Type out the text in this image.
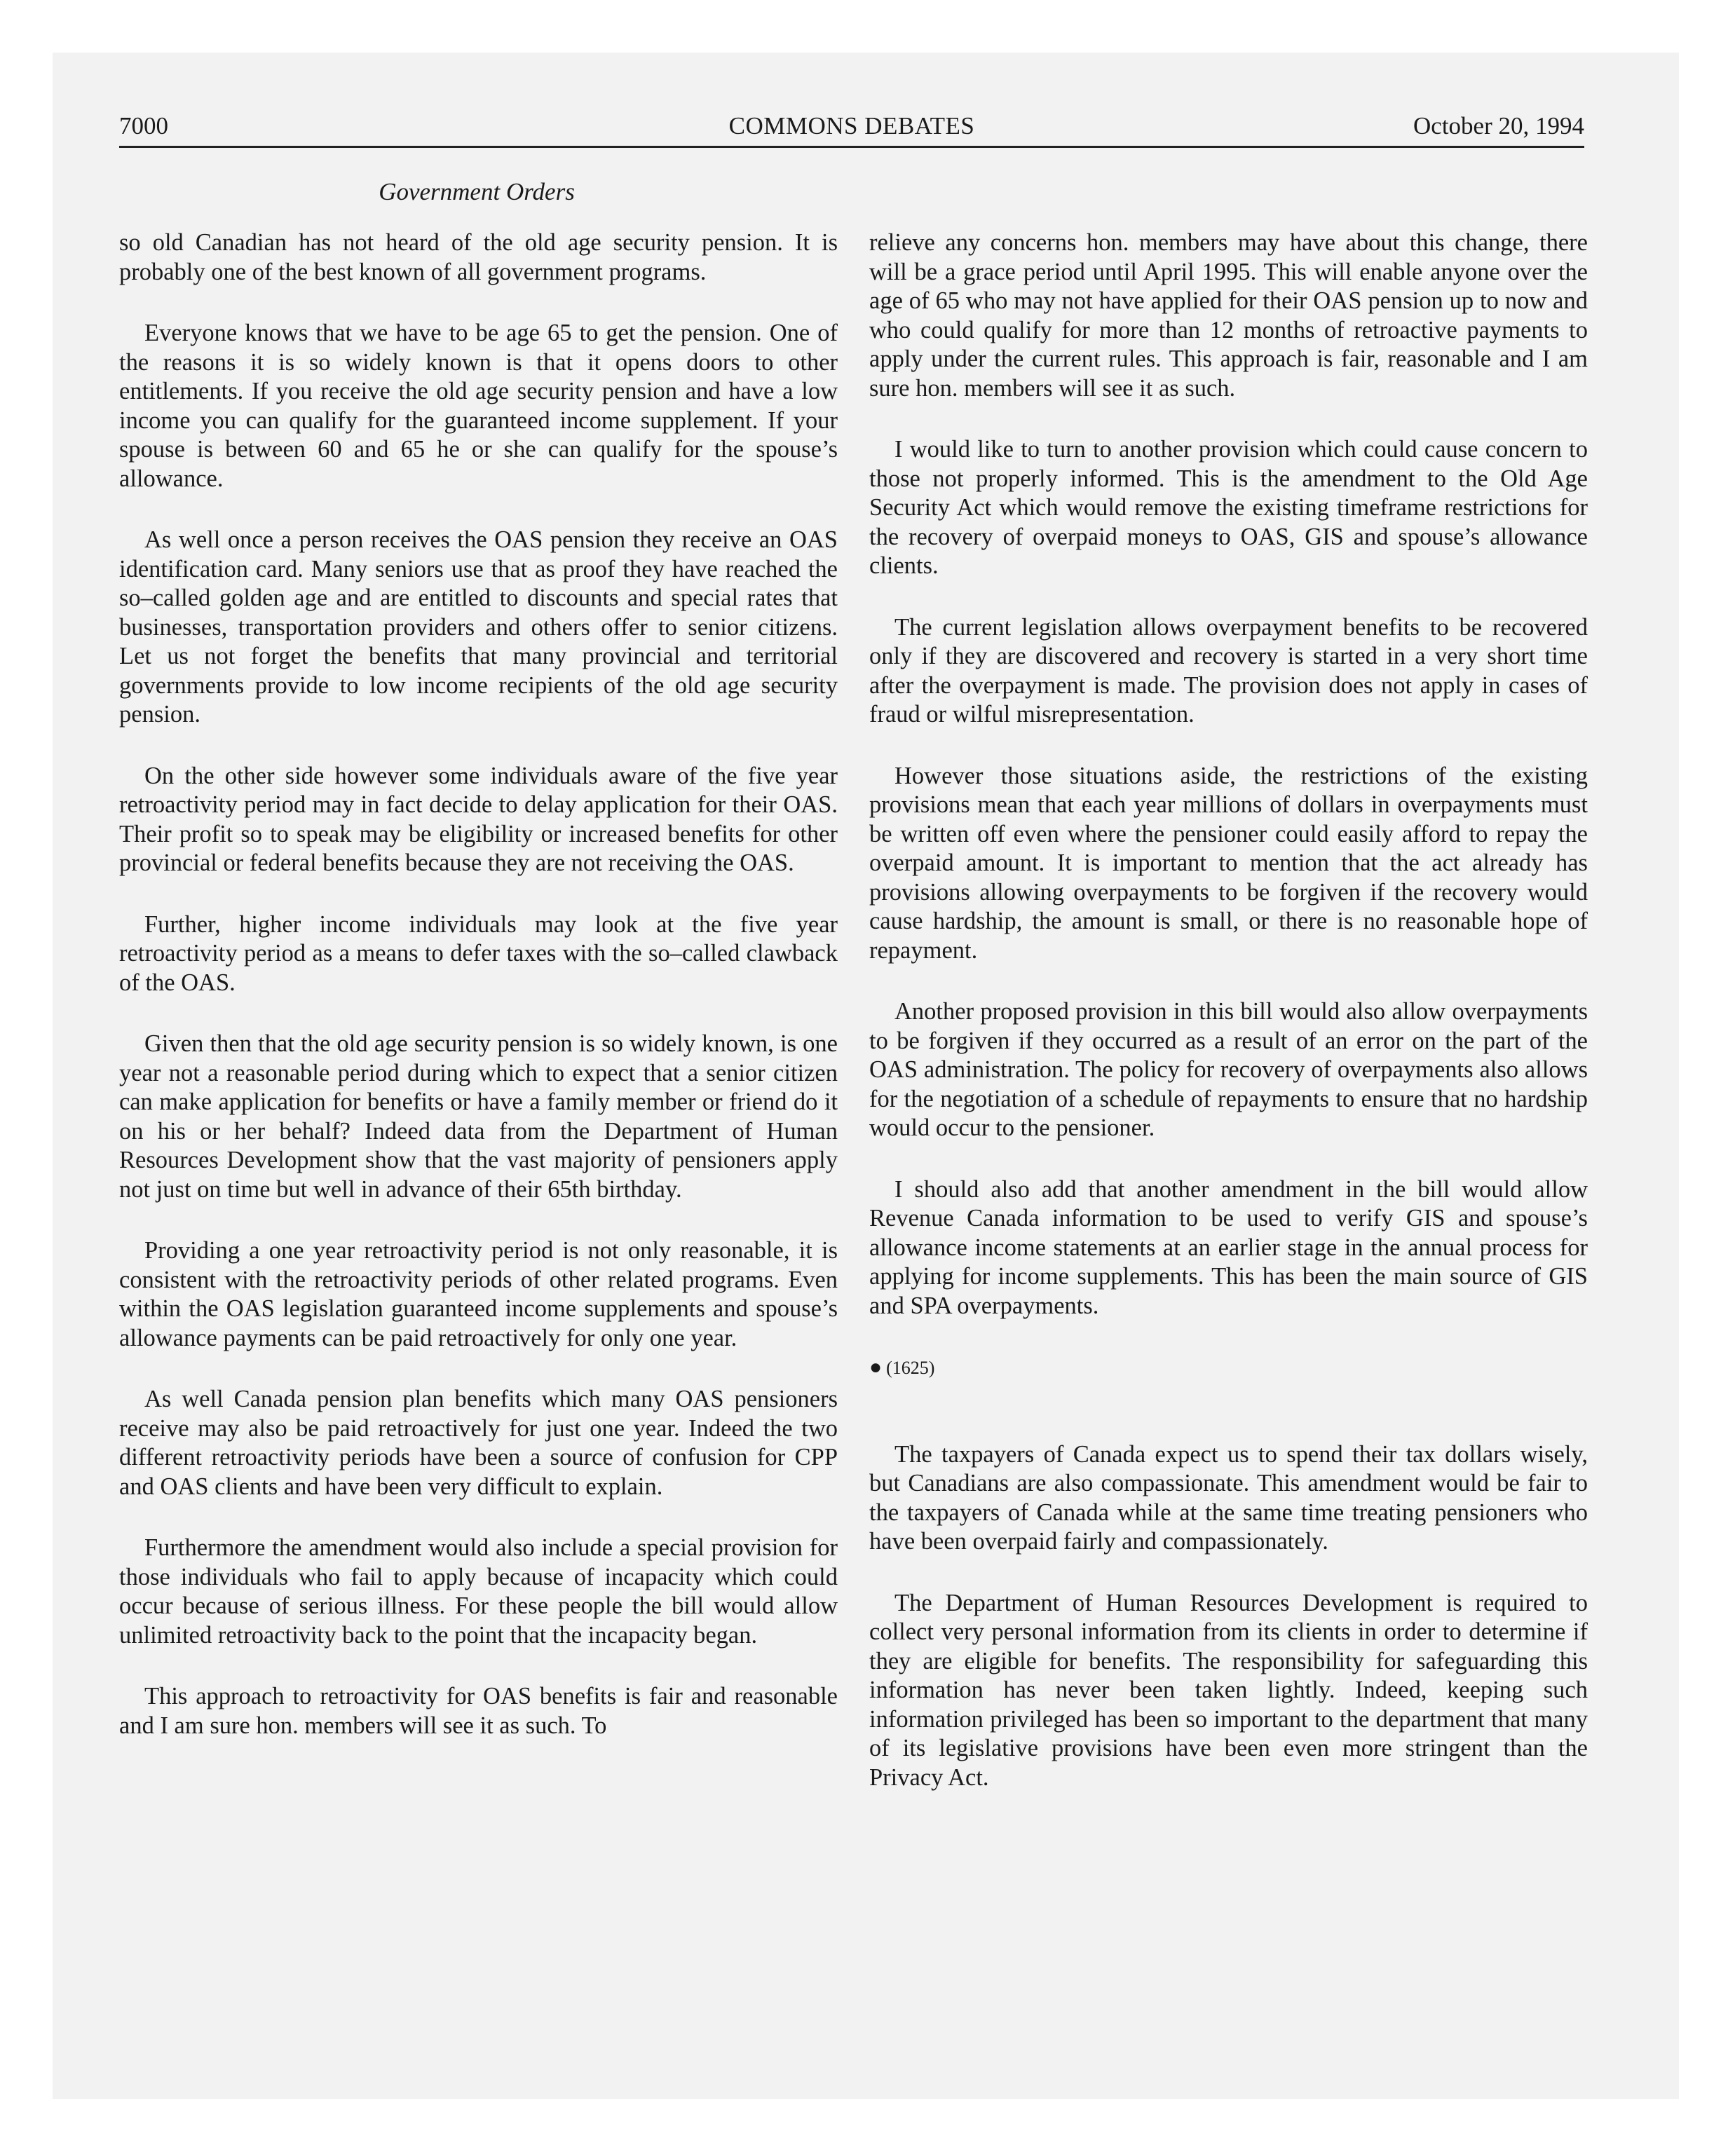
7000	COMMONS DEBATES	October 20, 1994
Government Orders

so old Canadian has not heard of the old age security pension. It is probably one of the best known of all government programs.

Everyone knows that we have to be age 65 to get the pension. One of the reasons it is so widely known is that it opens doors to other entitlements. If you receive the old age security pension and have a low income you can qualify for the guaranteed income supplement. If your spouse is between 60 and 65 he or she can qualify for the spouse’s allowance.

As well once a person receives the OAS pension they receive an OAS identification card. Many seniors use that as proof they have reached the so–called golden age and are entitled to discounts and special rates that businesses, transportation providers and others offer to senior citizens. Let us not forget the benefits that many provincial and territorial governments provide to low income recipients of the old age security pension.

On the other side however some individuals aware of the five year retroactivity period may in fact decide to delay application for their OAS. Their profit so to speak may be eligibility or increased benefits for other provincial or federal benefits because they are not receiving the OAS.

Further, higher income individuals may look at the five year retroactivity period as a means to defer taxes with the so–called clawback of the OAS.

Given then that the old age security pension is so widely known, is one year not a reasonable period during which to expect that a senior citizen can make application for benefits or have a family member or friend do it on his or her behalf? Indeed data from the Department of Human Resources Development show that the vast majority of pensioners apply not just on time but well in advance of their 65th birthday.

Providing a one year retroactivity period is not only reasonable, it is consistent with the retroactivity periods of other related programs. Even within the OAS legislation guaranteed income supplements and spouse’s allowance payments can be paid retroactively for only one year.

As well Canada pension plan benefits which many OAS pensioners receive may also be paid retroactively for just one year. Indeed the two different retroactivity periods have been a source of confusion for CPP and OAS clients and have been very difficult to explain.

Furthermore the amendment would also include a special provision for those individuals who fail to apply because of incapacity which could occur because of serious illness. For these people the bill would allow unlimited retroactivity back to the point that the incapacity began.

This approach to retroactivity for OAS benefits is fair and reasonable and I am sure hon. members will see it as such. To

relieve any concerns hon. members may have about this change, there will be a grace period until April 1995. This will enable anyone over the age of 65 who may not have applied for their OAS pension up to now and who could qualify for more than 12 months of retroactive payments to apply under the current rules. This approach is fair, reasonable and I am sure hon. members will see it as such.

I would like to turn to another provision which could cause concern to those not properly informed. This is the amendment to the Old Age Security Act which would remove the existing timeframe restrictions for the recovery of overpaid moneys to OAS, GIS and spouse’s allowance clients.

The current legislation allows overpayment benefits to be recovered only if they are discovered and recovery is started in a very short time after the overpayment is made. The provision does not apply in cases of fraud or wilful misrepresentation.

However those situations aside, the restrictions of the existing provisions mean that each year millions of dollars in overpayments must be written off even where the pensioner could easily afford to repay the overpaid amount. It is important to mention that the act already has provisions allowing overpayments to be forgiven if the recovery would cause hardship, the amount is small, or there is no reasonable hope of repayment.

Another proposed provision in this bill would also allow overpayments to be forgiven if they occurred as a result of an error on the part of the OAS administration. The policy for recovery of overpayments also allows for the negotiation of a schedule of repayments to ensure that no hardship would occur to the pensioner.

I should also add that another amendment in the bill would allow Revenue Canada information to be used to verify GIS and spouse’s allowance income statements at an earlier stage in the annual process for applying for income supplements. This has been the main source of GIS and SPA overpayments.

● (1625)

The taxpayers of Canada expect us to spend their tax dollars wisely, but Canadians are also compassionate. This amendment would be fair to the taxpayers of Canada while at the same time treating pensioners who have been overpaid fairly and compassionately.

The Department of Human Resources Development is required to collect very personal information from its clients in order to determine if they are eligible for benefits. The responsibility for safeguarding this information has never been taken lightly. Indeed, keeping such information privileged has been so important to the department that many of its legislative provisions have been even more stringent than the Privacy Act.
